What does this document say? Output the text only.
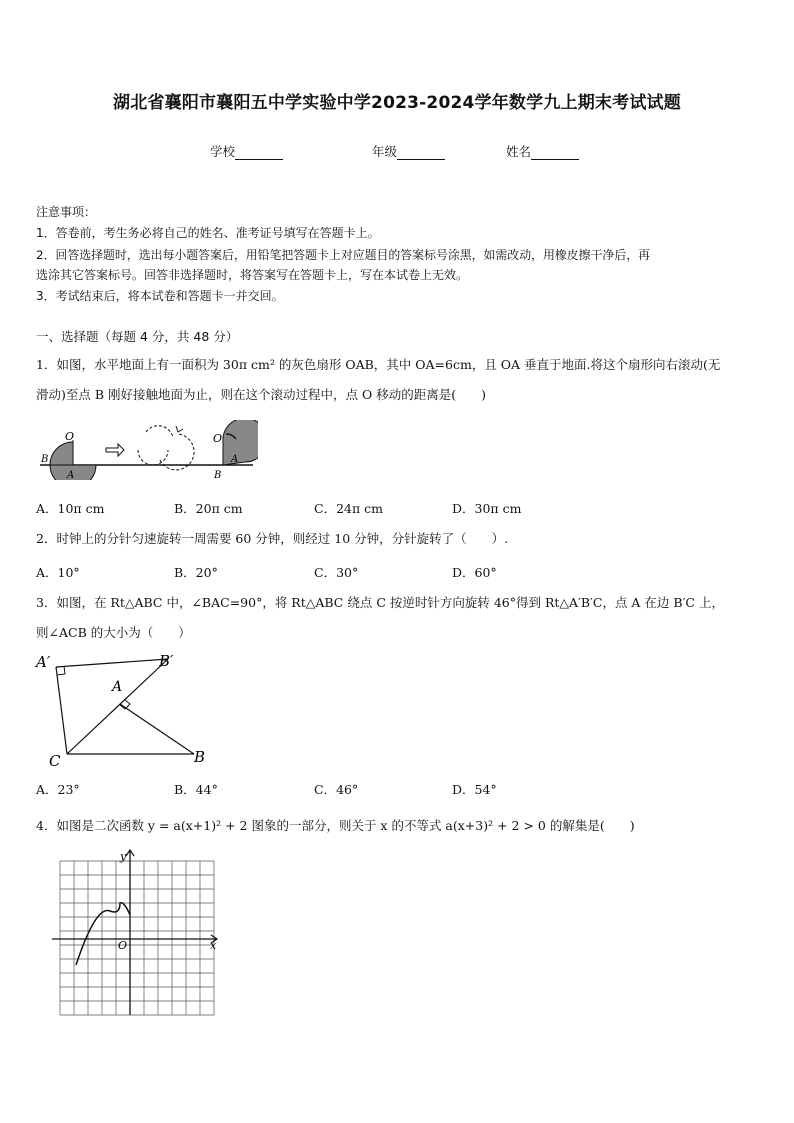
湖北省襄阳市襄阳五中学实验中学2023-2024学年数学九上期末考试试题
学校	年级	姓名
注意事项：
1．答卷前，考生务必将自己的姓名、准考证号填写在答题卡上。
2．回答选择题时，选出每小题答案后，用铅笔把答题卡上对应题目的答案标号涂黑，如需改动，用橡皮擦干净后，再
选涂其它答案标号。回答非选择题时，将答案写在答题卡上，写在本试卷上无效。
3．考试结束后，将本试卷和答题卡一并交回。
一、选择题（每题 4 分，共 48 分）
1．如图，水平地面上有一面积为 30π cm² 的灰色扇形 OAB，其中 OA=6cm，且 OA 垂直于地面.将这个扇形向右滚动(无
滑动)至点 B 刚好接触地面为止，则在这个滚动过程中，点 O 移动的距离是(　　)
O
B
A
O
A
B
A．10π cm	B．20π cm	C．24π cm	D．30π cm
2．时钟上的分针匀速旋转一周需要 60 分钟，则经过 10 分钟，分针旋转了（　　）.
A．10°	B．20°	C．30°	D．60°
3．如图，在 Rt△ABC 中，∠BAC=90°，将 Rt△ABC 绕点 C 按逆时针方向旋转 46°得到 Rt△A′B′C，点 A 在边 B′C 上，
则∠ACB 的大小为（　　）
A′	B′
A
C	B
A．23°	B．44°	C．46°	D．54°
4．如图是二次函数 y = a(x+1)² + 2 图象的一部分，则关于 x 的不等式 a(x+3)² + 2 > 0 的解集是(　　)
y
x
O
